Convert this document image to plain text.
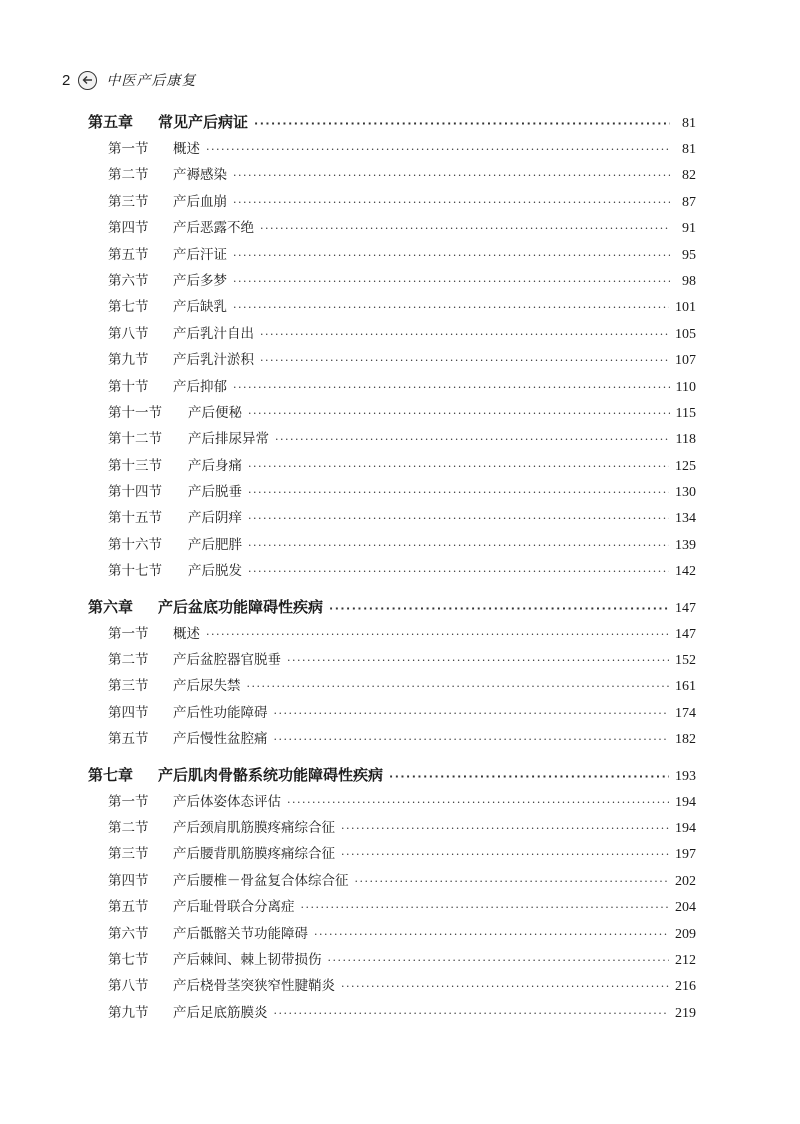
2	中医产后康复
第五章	常见产后病证 ·····	81
第一节	概述 ·····	81
第二节	产褥感染 ·····	82
第三节	产后血崩 ·····	87
第四节	产后恶露不绝 ·····	91
第五节	产后汗证 ·····	95
第六节	产后多梦 ·····	98
第七节	产后缺乳 ·····	101
第八节	产后乳汁自出 ·····	105
第九节	产后乳汁淤积 ·····	107
第十节	产后抑郁 ·····	110
第十一节	产后便秘 ·····	115
第十二节	产后排尿异常 ·····	118
第十三节	产后身痛 ·····	125
第十四节	产后脱垂 ·····	130
第十五节	产后阴痒 ·····	134
第十六节	产后肥胖 ·····	139
第十七节	产后脱发 ·····	142
第六章	产后盆底功能障碍性疾病 ·····	147
第一节	概述 ·····	147
第二节	产后盆腔器官脱垂 ·····	152
第三节	产后尿失禁 ·····	161
第四节	产后性功能障碍 ·····	174
第五节	产后慢性盆腔痛 ·····	182
第七章	产后肌肉骨骼系统功能障碍性疾病 ·····	193
第一节	产后体姿体态评估 ·····	194
第二节	产后颈肩肌筋膜疼痛综合征 ·····	194
第三节	产后腰背肌筋膜疼痛综合征 ·····	197
第四节	产后腰椎－骨盆复合体综合征 ·····	202
第五节	产后耻骨联合分离症 ·····	204
第六节	产后骶髂关节功能障碍 ·····	209
第七节	产后棘间、棘上韧带损伤 ·····	212
第八节	产后桡骨茎突狭窄性腱鞘炎 ·····	216
第九节	产后足底筋膜炎 ·····	219
